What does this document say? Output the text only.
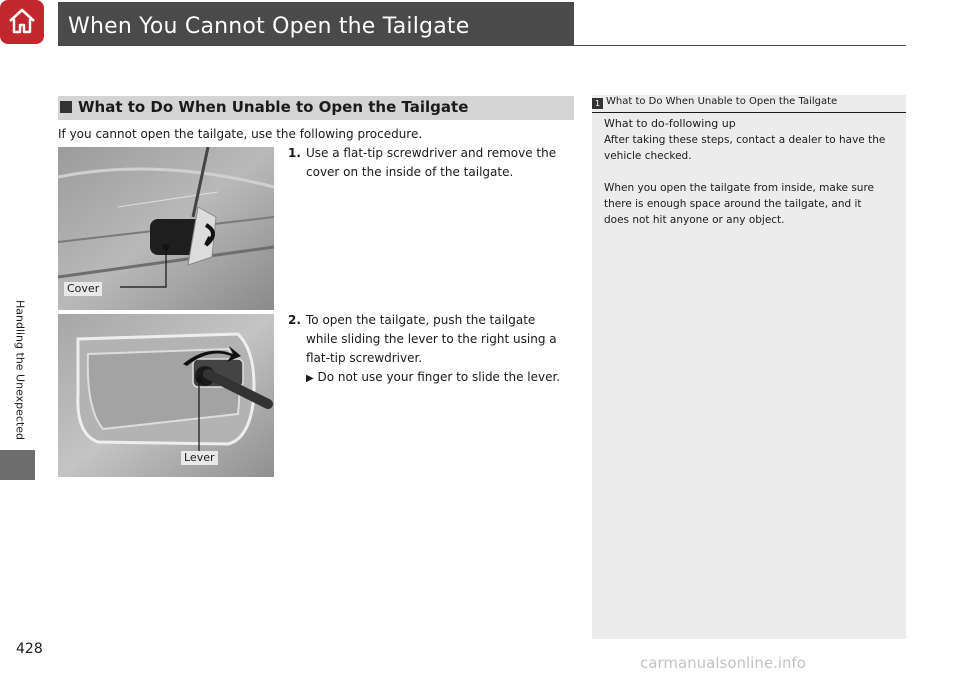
When You Cannot Open the Tailgate
Handling the Unexpected
What to Do When Unable to Open the Tailgate
If you cannot open the tailgate, use the following procedure.
Cover
Lever
1. Use a flat-tip screwdriver and remove the
cover on the inside of the tailgate.
2. To open the tailgate, push the tailgate
while sliding the lever to the right using a
flat-tip screwdriver.
▶ Do not use your finger to slide the lever.
1 What to Do When Unable to Open the Tailgate
What to do-following up
After taking these steps, contact a dealer to have the
vehicle checked.
When you open the tailgate from inside, make sure
there is enough space around the tailgate, and it
does not hit anyone or any object.
428
carmanualsonline.info
